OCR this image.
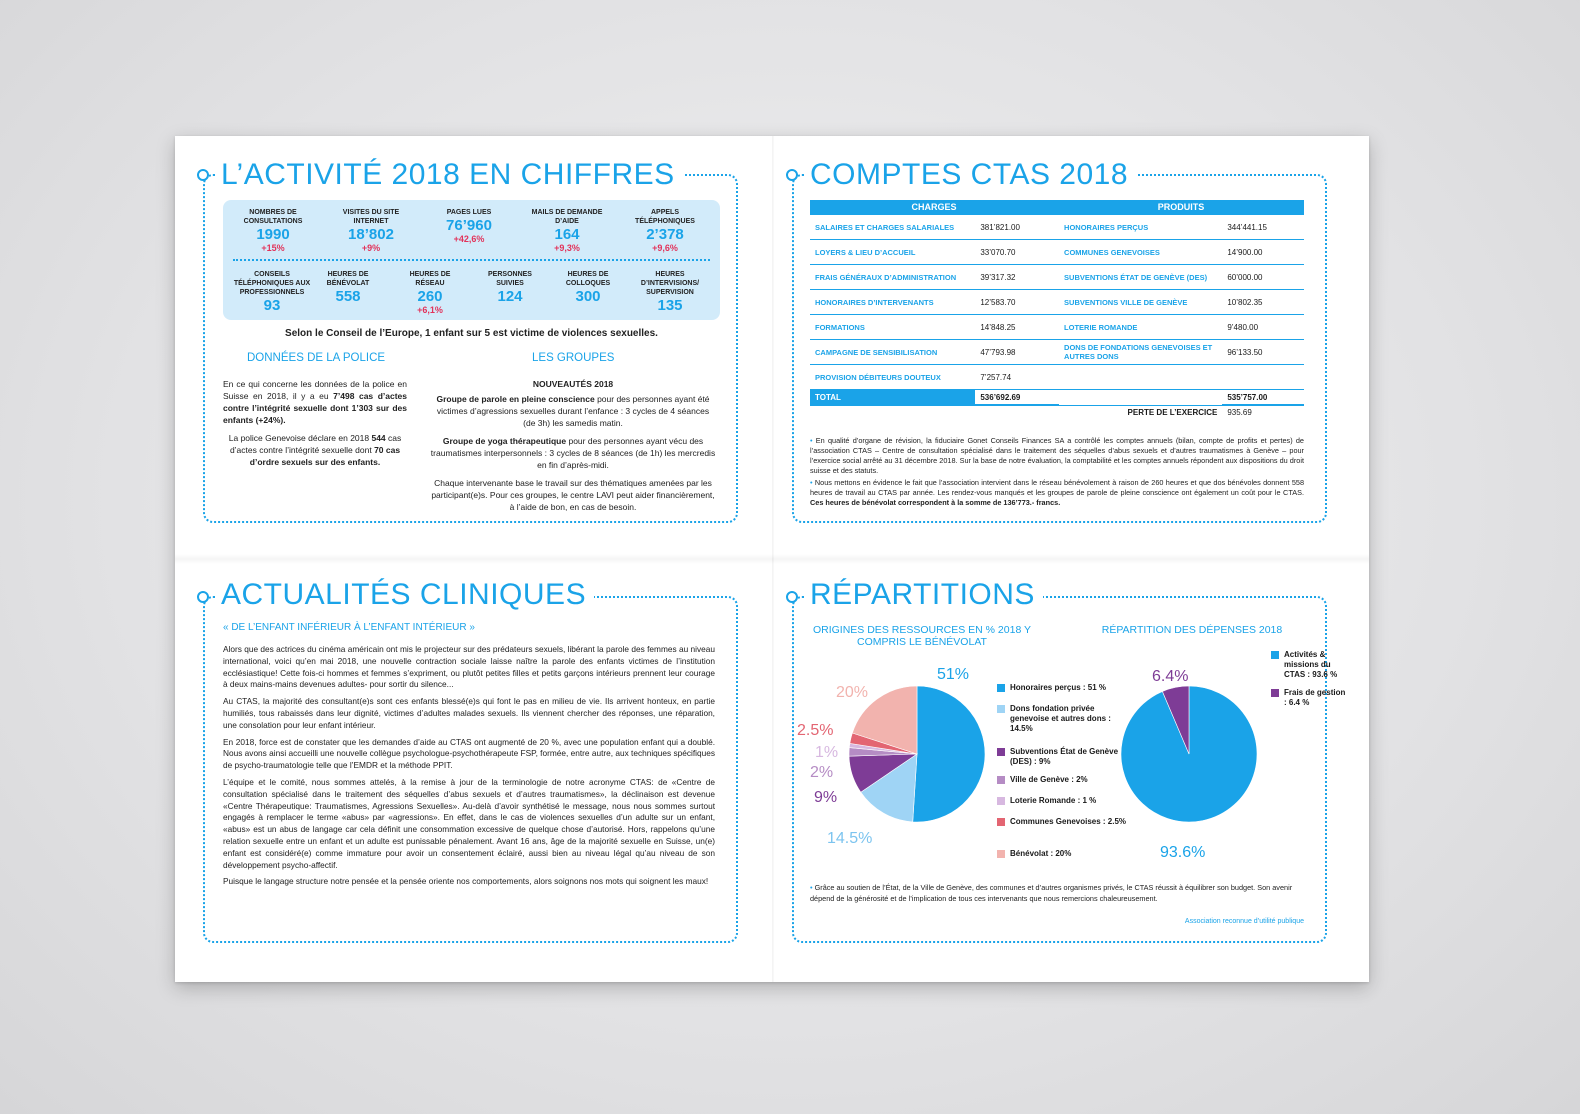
L’ACTIVITÉ 2018 EN CHIFFRES
NOMBRES DE CONSULTATIONS
1990
+15%
VISITES DU SITE INTERNET
18’802
+9%
PAGES LUES
76’960
+42,6%
MAILS DE DEMANDE D’AIDE
164
+9,3%
APPELS TÉLÉPHONIQUES
2’378
+9,6%
CONSEILS TÉLÉPHONIQUES AUX PROFESSIONNELS
93
HEURES DE BÉNÉVOLAT
558
HEURES DE RÉSEAU
260
+6,1%
PERSONNES SUIVIES
124
HEURES DE COLLOQUES
300
HEURES D’INTERVISIONS/ SUPERVISION
135
Selon le Conseil de l’Europe, 1 enfant sur 5 est victime de violences sexuelles.
DONNÉES DE LA POLICE	LES GROUPES
En ce qui concerne les données de la police en Suisse en 2018, il y a eu 7’498 cas d’actes contre l’intégrité sexuelle dont 1’303 sur des enfants (+24%).
La police Genevoise déclare en 2018 544 cas d’actes contre l’intégrité sexuelle dont 70 cas d’ordre sexuels sur des enfants.
NOUVEAUTÉS 2018
Groupe de parole en pleine conscience pour des personnes ayant été victimes d’agressions sexuelles durant l’enfance : 3 cycles de 4 séances (de 3h) les samedis matin.
Groupe de yoga thérapeutique pour des personnes ayant vécu des traumatismes interpersonnels : 3 cycles de 8 séances (de 1h) les mercredis en fin d’après-midi.
Chaque intervenante base le travail sur des thématiques amenées par les participant(e)s. Pour ces groupes, le centre LAVI peut aider financièrement, à l’aide de bon, en cas de besoin.
COMPTES CTAS 2018
CHARGES	PRODUITS
SALAIRES ET CHARGES SALARIALES	381’821.00	HONORAIRES PERÇUS	344’441.15
LOYERS & LIEU D’ACCUEIL	33’070.70	COMMUNES GENEVOISES	14’900.00
FRAIS GÉNÉRAUX D’ADMINISTRATION	39’317.32	SUBVENTIONS ÉTAT DE GENÈVE (DES)	60’000.00
HONORAIRES D’INTERVENANTS	12’583.70	SUBVENTIONS VILLE DE GENÈVE	10’802.35
FORMATIONS	14’848.25	LOTERIE ROMANDE	9’480.00
CAMPAGNE DE SENSIBILISATION	47’793.98	DONS DE FONDATIONS GENEVOISES ET AUTRES DONS	96’133.50
PROVISION DÉBITEURS DOUTEUX	7’257.74		
TOTAL	536’692.69		535’757.00
		PERTE DE L’EXERCICE	935.69
• En qualité d’organe de révision, la fiduciaire Gonet Conseils Finances SA a contrôlé les comptes annuels (bilan, compte de profits et pertes) de l’association CTAS – Centre de consultation spécialisé dans le traitement des séquelles d’abus sexuels et d’autres traumatismes à Genève – pour l’exercice social arrêté au 31 décembre 2018. Sur la base de notre évaluation, la comptabilité et les comptes annuels répondent aux dispositions du droit suisse et des statuts.
• Nous mettons en évidence le fait que l’association intervient dans le réseau bénévolement à raison de 260 heures et que dos bénévoles donnent 558 heures de travail au CTAS par année. Les rendez-vous manqués et les groupes de parole de pleine conscience ont également un coût pour le CTAS. Ces heures de bénévolat correspondent à la somme de 136’773.- francs.
ACTUALITÉS CLINIQUES
« DE L’ENFANT INFÉRIEUR À L’ENFANT INTÉRIEUR »

Alors que des actrices du cinéma américain ont mis le projecteur sur des prédateurs sexuels, libérant la parole des femmes au niveau international, voici qu’en mai 2018, une nouvelle contraction sociale laisse naître la parole des enfants victimes de l’institution ecclésiastique! Cette fois-ci hommes et femmes s’expriment, ou plutôt petites filles et petits garçons intérieurs prennent leur courage à deux mains-mains devenues adultes- pour sortir du silence...

Au CTAS, la majorité des consultant(e)s sont ces enfants blessé(e)s qui font le pas en milieu de vie. Ils arrivent honteux, en partie humiliés, tous rabaissés dans leur dignité, victimes d’adultes malades sexuels. Ils viennent chercher des réponses, une réparation, une consolation pour leur enfant intérieur.

En 2018, force est de constater que les demandes d’aide au CTAS ont augmenté de 20 %, avec une population enfant qui a doublé. Nous avons ainsi accueilli une nouvelle collègue psychologue-psychothérapeute FSP, formée, entre autre, aux techniques spécifiques de psycho-traumatologie telle que l’EMDR et la méthode PPIT.

L’équipe et le comité, nous sommes attelés, à la remise à jour de la terminologie de notre acronyme CTAS: de «Centre de consultation spécialisé dans le traitement des séquelles d’abus sexuels et d’autres traumatismes», la déclinaison est devenue «Centre Thérapeutique: Traumatismes, Agressions Sexuelles». Au-delà d’avoir synthétisé le message, nous nous sommes surtout engagés à remplacer le terme «abus» par «agressions». En effet, dans le cas de violences sexuelles d’un adulte sur un enfant, «abus» est un abus de langage car cela définit une consommation excessive de quelque chose d’autorisé. Hors, rappelons qu’une relation sexuelle entre un enfant et un adulte est punissable pénalement. Avant 16 ans, âge de la majorité sexuelle en Suisse, un(e) enfant est considéré(e) comme immature pour avoir un consentement éclairé, aussi bien au niveau légal qu’au niveau de son développement psycho-affectif.

Puisque le langage structure notre pensée et la pensée oriente nos comportements, alors soignons nos mots qui soignent les maux!

RÉPARTITIONS
ORIGINES DES RESSOURCES EN % 2018 Y COMPRIS LE BÉNÉVOLAT
RÉPARTITION DES DÉPENSES 2018
51%
14.5%
9%
2%
1%
2.5%
20%
93.6%
6.4%
Honoraires perçus : 51 %
Dons fondation privée genevoise et autres dons : 14.5%
Subventions État de Genève (DES) : 9%
Ville de Genève : 2%
Loterie Romande : 1 %
Communes Genevoises : 2.5%
Bénévolat : 20%
Activités & missions du CTAS : 93.6 %
Frais de gestion : 6.4 %
• Grâce au soutien de l’État, de la Ville de Genève, des communes et d’autres organismes privés, le CTAS réussit à équilibrer son budget. Son avenir dépend de la générosité et de l’implication de tous ces intervenants que nous remercions chaleureusement.
Association reconnue d’utilité publique
